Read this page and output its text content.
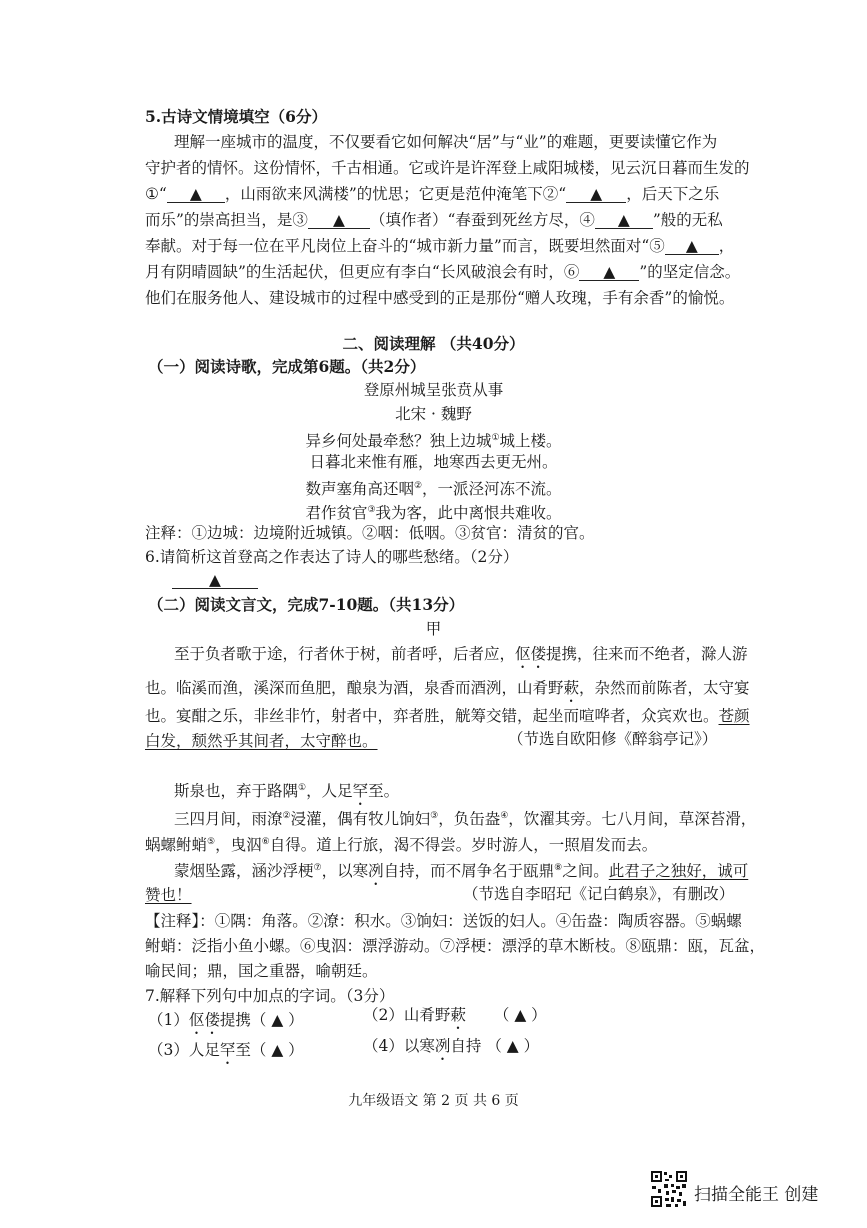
5.古诗文情境填空（6分）
理解一座城市的温度，不仅要看它如何解决“居”与“业”的难题，更要读懂它作为
守护者的情怀。这份情怀，千古相通。它或许是许浑登上咸阳城楼，见云沉日暮而生发的
①“ ▲ ，山雨欲来风满楼”的忧思；它更是范仲淹笔下②“ ▲ ，后天下之乐
而乐”的崇高担当，是③ ▲ （填作者）“春蚕到死丝方尽，④ ▲ ”般的无私
奉献。对于每一位在平凡岗位上奋斗的“城市新力量”而言，既要坦然面对“⑤ ▲ ，
月有阴晴圆缺”的生活起伏，但更应有李白“长风破浪会有时，⑥ ▲ ”的坚定信念。
他们在服务他人、建设城市的过程中感受到的正是那份“赠人玫瑰，手有余香”的愉悦。
二、阅读理解 （共40分）
（一）阅读诗歌，完成第6题。（共2分）
登原州城呈张贲从事
北宋 · 魏野
异乡何处最牵愁？独上边城①城上楼。
日暮北来惟有雁，地寒西去更无州。
数声塞角高还咽②，一派泾河冻不流。
君作贫官③我为客，此中离恨共难收。
注释：①边城：边境附近城镇。②咽：低咽。③贫官：清贫的官。
6.请简析这首登高之作表达了诗人的哪些愁绪。（2分）
▲
（二）阅读文言文，完成7-10题。（共13分）
甲
至于负者歌于途，行者休于树，前者呼，后者应，伛偻提携，往来而不绝者，滁人游
也。临溪而渔，溪深而鱼肥，酿泉为酒，泉香而酒洌，山肴野蔌，杂然而前陈者，太守宴
也。宴酣之乐，非丝非竹，射者中，弈者胜，觥筹交错，起坐而喧哗者，众宾欢也。苍颜
白发，颓然乎其间者，太守醉也。	（节选自欧阳修《醉翁亭记》）
斯泉也，弃于路隅①，人足罕至。
三四月间，雨潦②浸灌，偶有牧儿饷妇③，负缶盎④，饮濯其旁。七八月间，草深苔滑，
蜗螺鲋蛸⑤，曳泅⑥自得。道上行旅，渴不得尝。岁时游人，一照眉发而去。
蒙烟坠露，涵沙浮梗⑦，以寒冽自持，而不屑争名于瓯鼎⑧之间。此君子之独好，诚可
赞也！	（节选自李昭玘《记白鹤泉》，有删改）
【注释】：①隅：角落。②潦：积水。③饷妇：送饭的妇人。④缶盎：陶质容器。⑤蜗螺
鲋蛸：泛指小鱼小螺。⑥曳泅：漂浮游动。⑦浮梗：漂浮的草木断枝。⑧瓯鼎：瓯，瓦盆，
喻民间；鼎，国之重器，喻朝廷。
7.解释下列句中加点的字词。（3分）
（1）伛偻提携（ ▲ ）	（2）山肴野蔌 （ ▲ ）
（3）人足罕至（ ▲ ）	（4）以寒冽自持 （ ▲ ）
九年级语文 第 2 页 共 6 页
扫描全能王 创建
